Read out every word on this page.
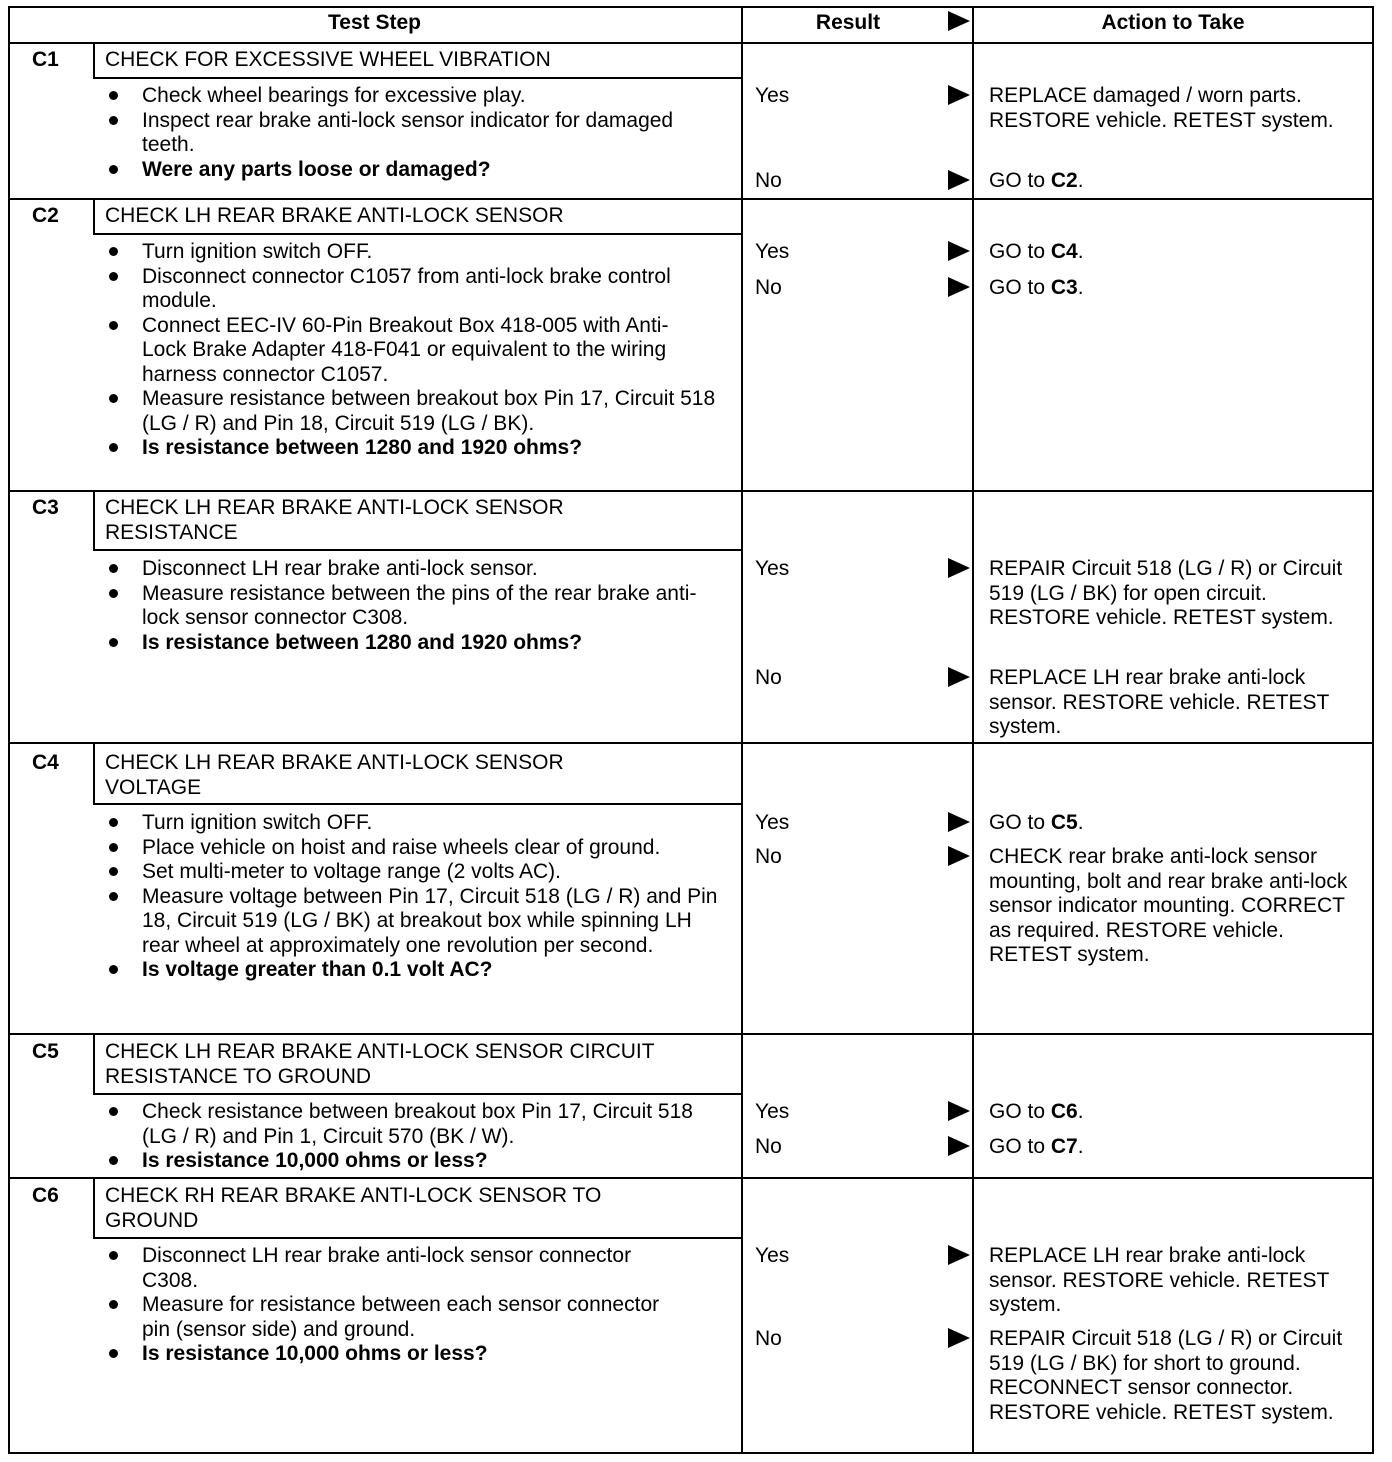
Test Step	Result	Action to Take
C1	CHECK FOR EXCESSIVE WHEEL VIBRATION
Check wheel bearings for excessive play.
Inspect rear brake anti-lock sensor indicator for damaged teeth.
Were any parts loose or damaged?
Yes	REPLACE damaged / worn parts. RESTORE vehicle. RETEST system.
No	GO to C2.
C2	CHECK LH REAR BRAKE ANTI-LOCK SENSOR
Turn ignition switch OFF.
Disconnect connector C1057 from anti-lock brake control module.
Connect EEC-IV 60-Pin Breakout Box 418-005 with Anti-Lock Brake Adapter 418-F041 or equivalent to the wiring harness connector C1057.
Measure resistance between breakout box Pin 17, Circuit 518 (LG / R) and Pin 18, Circuit 519 (LG / BK).
Is resistance between 1280 and 1920 ohms?
Yes	GO to C4.
No	GO to C3.
C3	CHECK LH REAR BRAKE ANTI-LOCK SENSOR RESISTANCE
Disconnect LH rear brake anti-lock sensor.
Measure resistance between the pins of the rear brake anti-lock sensor connector C308.
Is resistance between 1280 and 1920 ohms?
Yes	REPAIR Circuit 518 (LG / R) or Circuit 519 (LG / BK) for open circuit. RESTORE vehicle. RETEST system.
No	REPLACE LH rear brake anti-lock sensor. RESTORE vehicle. RETEST system.
C4	CHECK LH REAR BRAKE ANTI-LOCK SENSOR VOLTAGE
Turn ignition switch OFF.
Place vehicle on hoist and raise wheels clear of ground.
Set multi-meter to voltage range (2 volts AC).
Measure voltage between Pin 17, Circuit 518 (LG / R) and Pin 18, Circuit 519 (LG / BK) at breakout box while spinning LH rear wheel at approximately one revolution per second.
Is voltage greater than 0.1 volt AC?
Yes	GO to C5.
No	CHECK rear brake anti-lock sensor mounting, bolt and rear brake anti-lock sensor indicator mounting. CORRECT as required. RESTORE vehicle. RETEST system.
C5	CHECK LH REAR BRAKE ANTI-LOCK SENSOR CIRCUIT RESISTANCE TO GROUND
Check resistance between breakout box Pin 17, Circuit 518 (LG / R) and Pin 1, Circuit 570 (BK / W).
Is resistance 10,000 ohms or less?
Yes	GO to C6.
No	GO to C7.
C6	CHECK RH REAR BRAKE ANTI-LOCK SENSOR TO GROUND
Disconnect LH rear brake anti-lock sensor connector C308.
Measure for resistance between each sensor connector pin (sensor side) and ground.
Is resistance 10,000 ohms or less?
Yes	REPLACE LH rear brake anti-lock sensor. RESTORE vehicle. RETEST system.
No	REPAIR Circuit 518 (LG / R) or Circuit 519 (LG / BK) for short to ground. RECONNECT sensor connector. RESTORE vehicle. RETEST system.
